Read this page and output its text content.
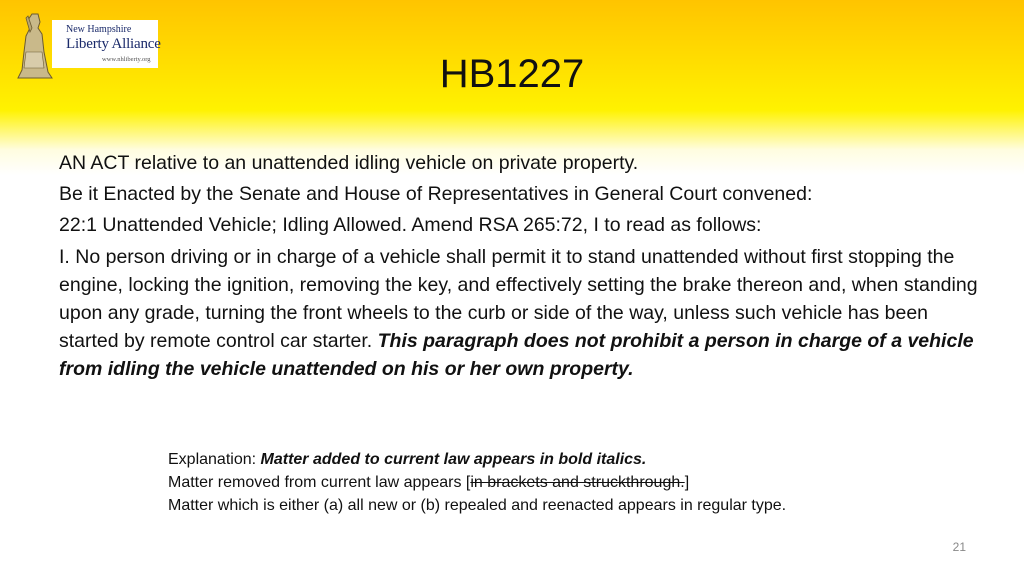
New Hampshire
Liberty Alliance
www.nhliberty.org	HB1227

AN ACT relative to an unattended idling vehicle on private property.

Be it Enacted by the Senate and House of Representatives in General Court convened:

22:1 Unattended Vehicle; Idling Allowed. Amend RSA 265:72, I to read as follows:

I. No person driving or in charge of a vehicle shall permit it to stand unattended without first stopping the engine, locking the ignition, removing the key, and effectively setting the brake thereon and, when standing upon any grade, turning the front wheels to the curb or side of the way, unless such vehicle has been started by remote control car starter. This paragraph does not prohibit a person in charge of a vehicle from idling the vehicle unattended on his or her own property.

Explanation: Matter added to current law appears in bold italics.
Matter removed from current law appears [in brackets and struckthrough.]
Matter which is either (a) all new or (b) repealed and reenacted appears in regular type.
21
